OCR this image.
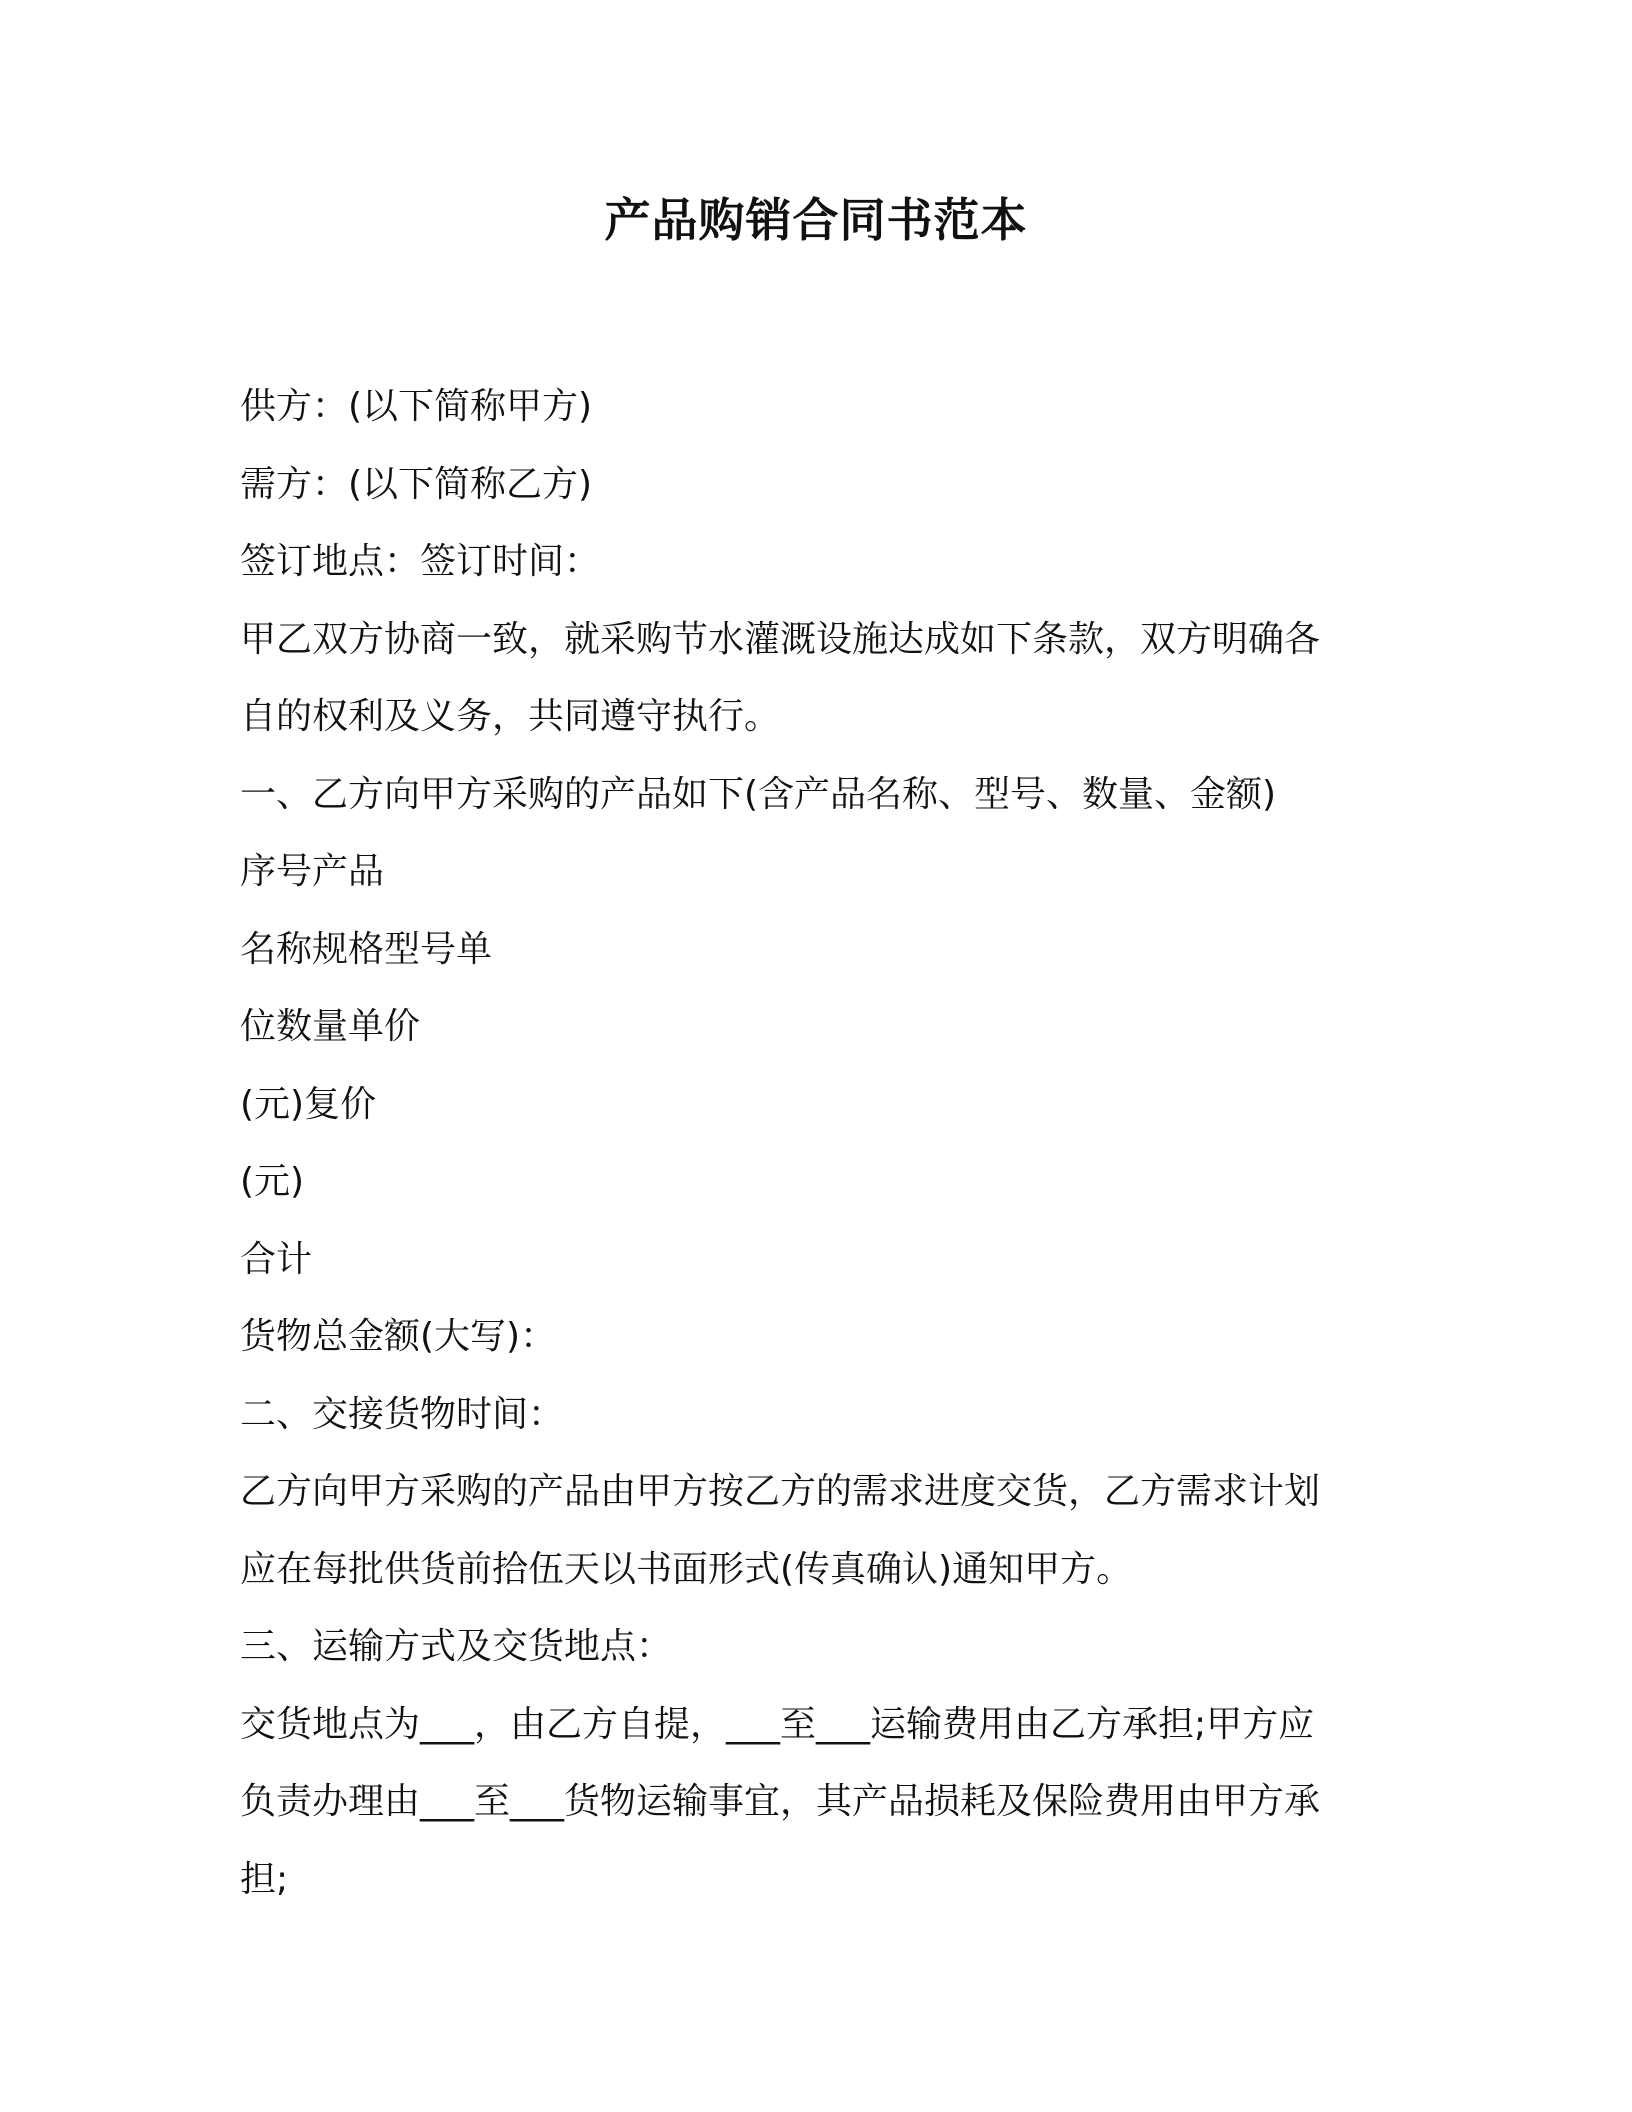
产品购销合同书范本

供方：(以下简称甲方)

需方：(以下简称乙方)

签订地点：签订时间：

甲乙双方协商一致，就采购节水灌溉设施达成如下条款，双方明确各

自的权利及义务，共同遵守执行。

一、乙方向甲方采购的产品如下(含产品名称、型号、数量、金额)

序号产品

名称规格型号单

位数量单价

(元)复价

(元)

合计

货物总金额(大写)：

二、交接货物时间：

乙方向甲方采购的产品由甲方按乙方的需求进度交货，乙方需求计划

应在每批供货前拾伍天以书面形式(传真确认)通知甲方。

三、运输方式及交货地点：

交货地点为___，由乙方自提，___至___运输费用由乙方承担;甲方应

负责办理由___至___货物运输事宜，其产品损耗及保险费用由甲方承

担;
